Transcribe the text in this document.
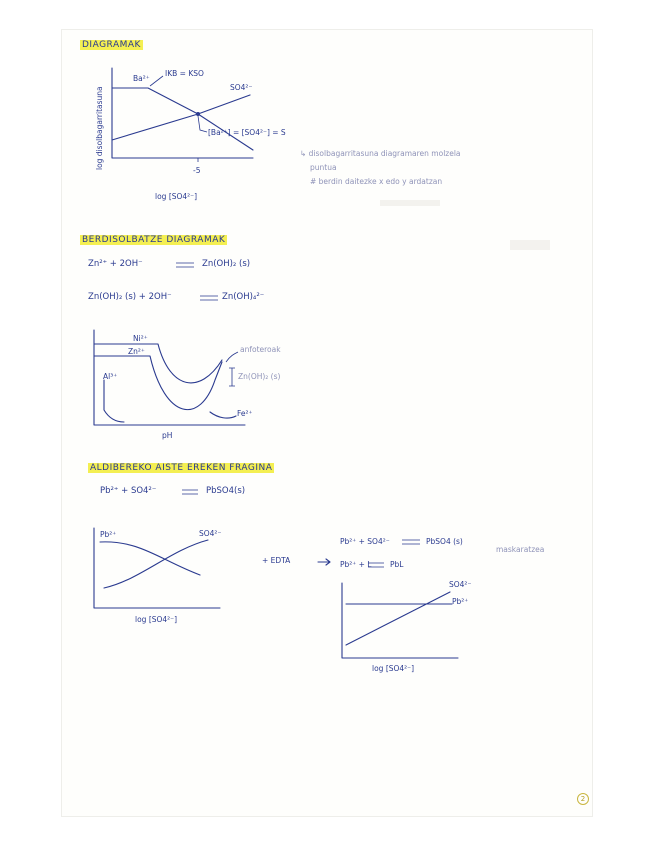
DIAGRAMAK
log disolbagarritasuna
Ba²⁺
IKB = KSO
SO4²⁻
[Ba²⁺] = [SO4²⁻] = S
-5
log [SO4²⁻]
↳ disolbagarritasuna diagramaren molzela
puntua
# berdin daitezke x edo y ardatzan
BERDISOLBATZE DIAGRAMAK
Zn²⁺ + 2OH⁻	Zn(OH)₂ (s)
Zn(OH)₂ (s) + 2OH⁻	Zn(OH)₄²⁻
Ni²⁺
Zn²⁺
Al³⁺
Fe²⁺
anfoteroak
Zn(OH)₂ (s)
pH
ALDIBEREKO AISTE EREKEN FRAGINA
Pb²⁺ + SO4²⁻	PbSO4(s)
Pb²⁺	SO4²⁻
log [SO4²⁻]
+ EDTA
Pb²⁺ + SO4²⁻	PbSO4 (s)
Pb²⁺ + L PbL
maskaratzea
SO4²⁻
Pb²⁺
log [SO4²⁻]
2
